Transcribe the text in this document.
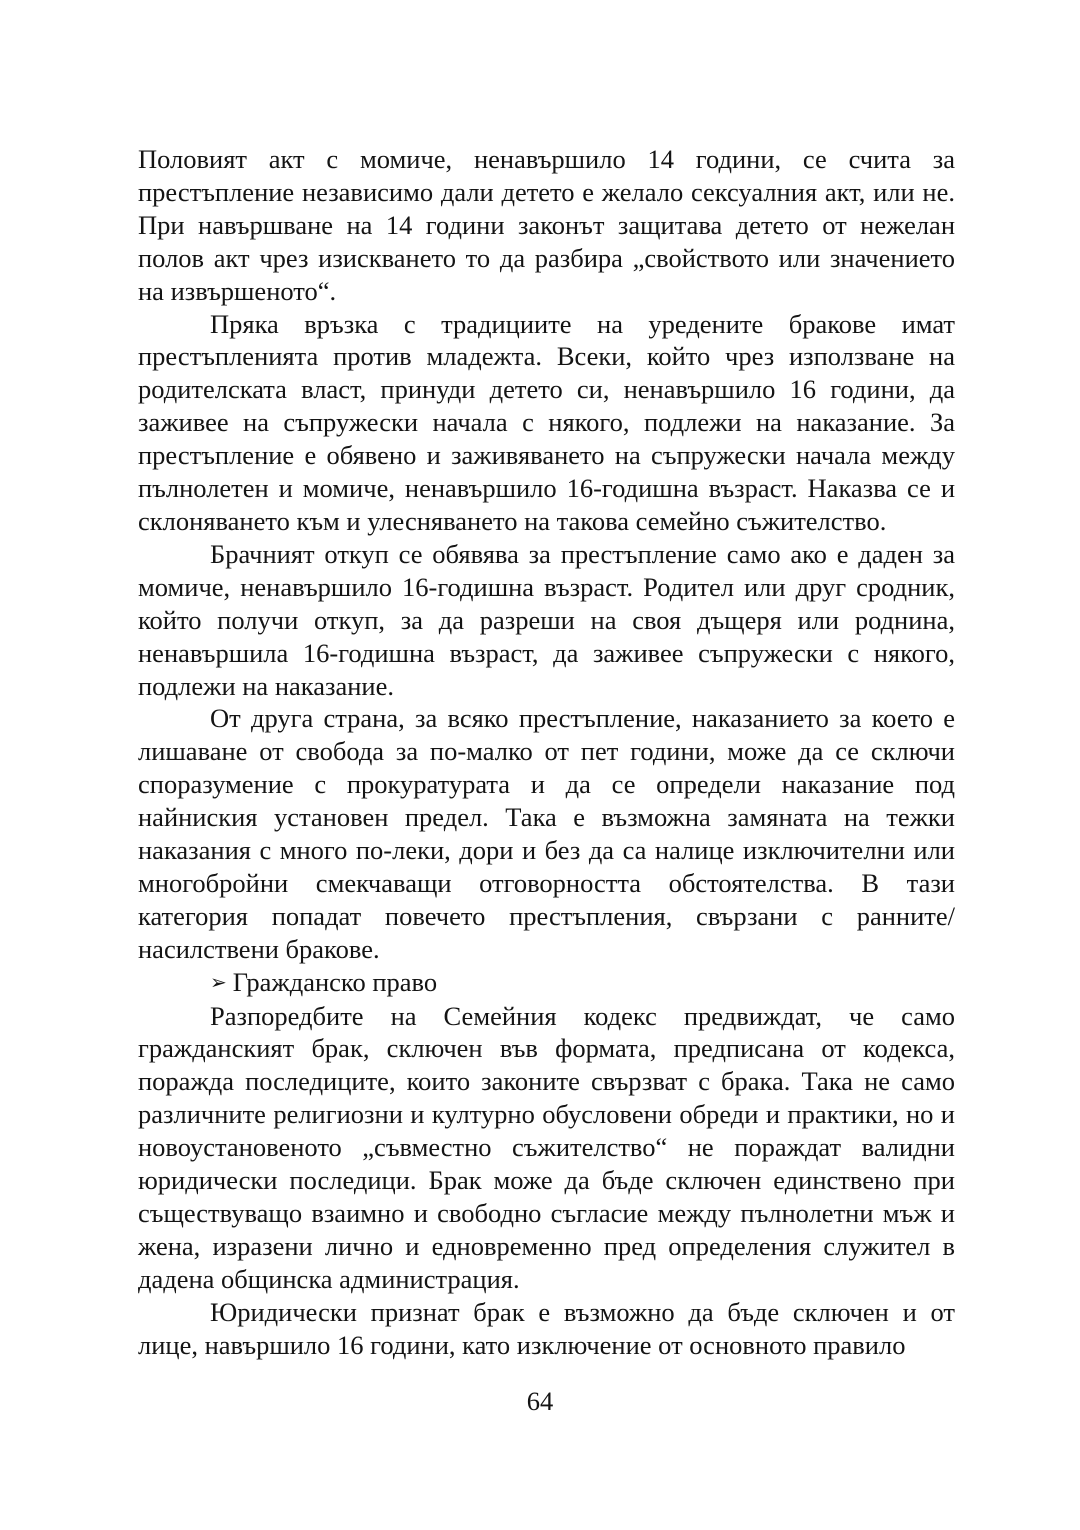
Половият акт с момиче, ненавършило 14 години, се счита за престъпление независимо дали детето е желало сексуалния акт, или не. При навършване на 14 години законът защитава детето от нежелан полов акт чрез изискването то да разбира „свойството или значението на извършеното“.

Пряка връзка с традициите на уредените бракове имат престъпленията против младежта. Всеки, който чрез използване на родителската власт, принуди детето си, ненавършило 16 години, да заживее на съпружески начала с някого, подлежи на наказание. За престъпление е обявено и заживяването на съпружески начала между пълнолетен и момиче, ненавършило 16-годишна възраст. Наказва се и склоняването към и улесняването на такова семейно съжителство.

Брачният откуп се обявява за престъпление само ако е даден за момиче, ненавършило 16-годишна възраст. Родител или друг сродник, който получи откуп, за да разреши на своя дъщеря или роднина, ненавършила 16-годишна възраст, да заживее съпружески с някого, подлежи на наказание.

От друга страна, за всяко престъпление, наказанието за което е лишаване от свобода за по-малко от пет години, може да се сключи споразумение с прокуратурата и да се определи наказание под найниския установен предел. Така е възможна замяната на тежки наказания с много по-леки, дори и без да са налице изключителни или многобройни смекчаващи отговорността обстоятелства. В тази категория попадат повечето престъпления, свързани с ранните/насилствени бракове.

➢ Гражданско право

Разпоредбите на Семейния кодекс предвиждат, че само гражданският брак, сключен във формата, предписана от кодекса, поражда последиците, които законите свързват с брака. Така не само различните религиозни и културно обусловени обреди и практики, но и новоустановеното „съвместно съжителство“ не пораждат валидни юридически последици. Брак може да бъде сключен единствено при съществуващо взаимно и свободно съгласие между пълнолетни мъж и жена, изразени лично и едновременно пред определения служител в дадена общинска администрация.

Юридически признат брак е възможно да бъде сключен и от лице, навършило 16 години, като изключение от основното правило

64
